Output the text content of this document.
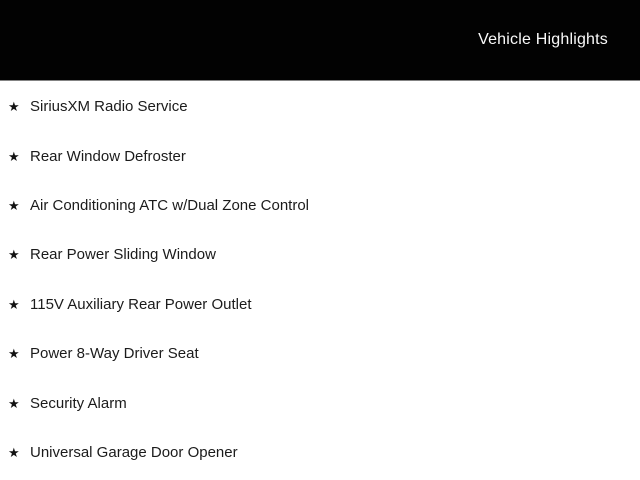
Vehicle Highlights
★ SiriusXM Radio Service
★ Rear Window Defroster
★ Air Conditioning ATC w/Dual Zone Control
★ Rear Power Sliding Window
★ 115V Auxiliary Rear Power Outlet
★ Power 8-Way Driver Seat
★ Security Alarm
★ Universal Garage Door Opener
